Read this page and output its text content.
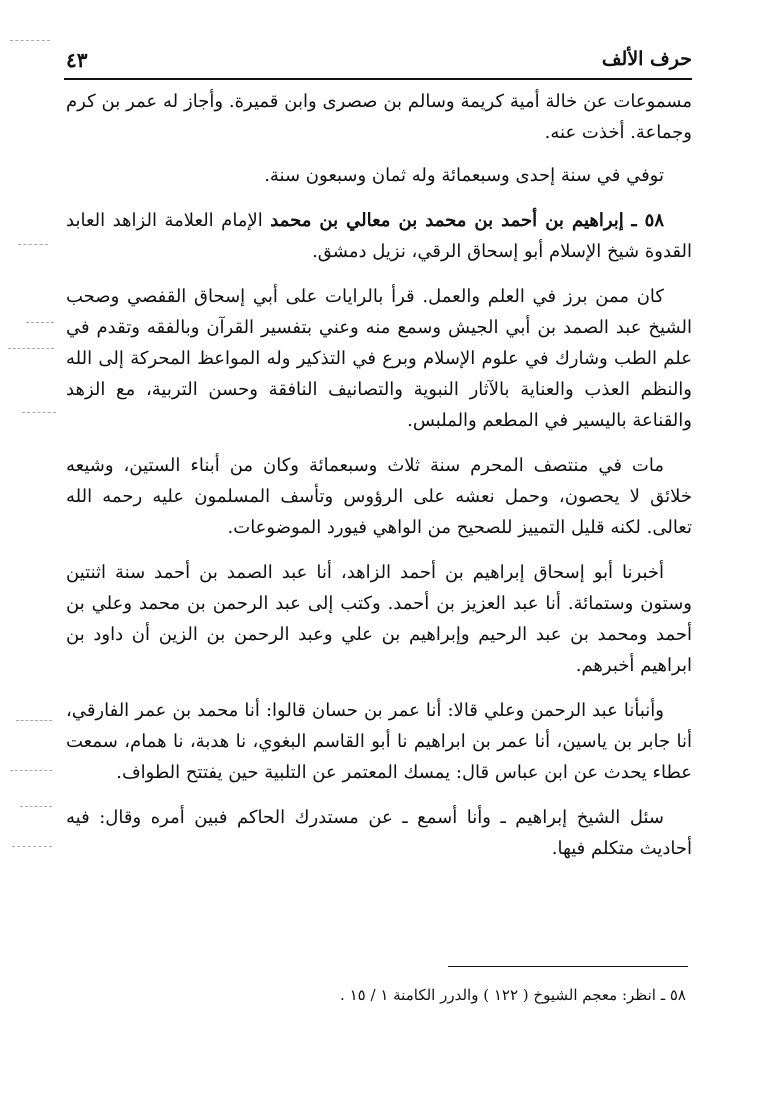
حرف الألف
٤٣

مسموعات عن خالة أمية كريمة وسالم بن صصرى وابن قميرة. وأجاز له عمر بن كرم وجماعة. أخذت عنه.

توفي في سنة إحدى وسبعمائة وله ثمان وسبعون سنة.

٥٨ ـ إبراهيم بن أحمد بن محمد بن معالي بن محمد الإمام العلامة الزاهد العابد القدوة شيخ الإسلام أبو إسحاق الرقي، نزيل دمشق.

كان ممن برز في العلم والعمل. قرأ بالرايات على أبي إسحاق القفصي وصحب الشيخ عبد الصمد بن أبي الجيش وسمع منه وعني بتفسير القرآن وبالفقه وتقدم في علم الطب وشارك في علوم الإسلام وبرع في التذكير وله المواعظ المحركة إلى الله والنظم العذب والعناية بالآثار النبوية والتصانيف النافقة وحسن التربية، مع الزهد والقناعة باليسير في المطعم والملبس.

مات في منتصف المحرم سنة ثلاث وسبعمائة وكان من أبناء الستين، وشيعه خلائق لا يحصون، وحمل نعشه على الرؤوس وتأسف المسلمون عليه رحمه الله تعالى. لكنه قليل التمييز للصحيح من الواهي فيورد الموضوعات.

أخبرنا أبو إسحاق إبراهيم بن أحمد الزاهد، أنا عبد الصمد بن أحمد سنة اثنتين وستون وستمائة. أنا عبد العزيز بن أحمد. وكتب إلى عبد الرحمن بن محمد وعلي بن أحمد ومحمد بن عبد الرحيم وإبراهيم بن علي وعبد الرحمن بن الزين أن داود بن ابراهيم أخبرهم.

وأنبأنا عبد الرحمن وعلي قالا: أنا عمر بن حسان قالوا: أنا محمد بن عمر الفارقي، أنا جابر بن ياسين، أنا عمر بن ابراهيم نا أبو القاسم البغوي، نا هدبة، نا همام، سمعت عطاء يحدث عن ابن عباس قال: يمسك المعتمر عن التلبية حين يفتتح الطواف.

سئل الشيخ إبراهيم ـ وأنا أسمع ـ عن مستدرك الحاكم فبين أمره وقال: فيه أحاديث متكلم فيها.

٥٨ ـ انظر: معجم الشيوخ ( ١٢٢ ) والدرر الكامنة ١ / ١٥ .
